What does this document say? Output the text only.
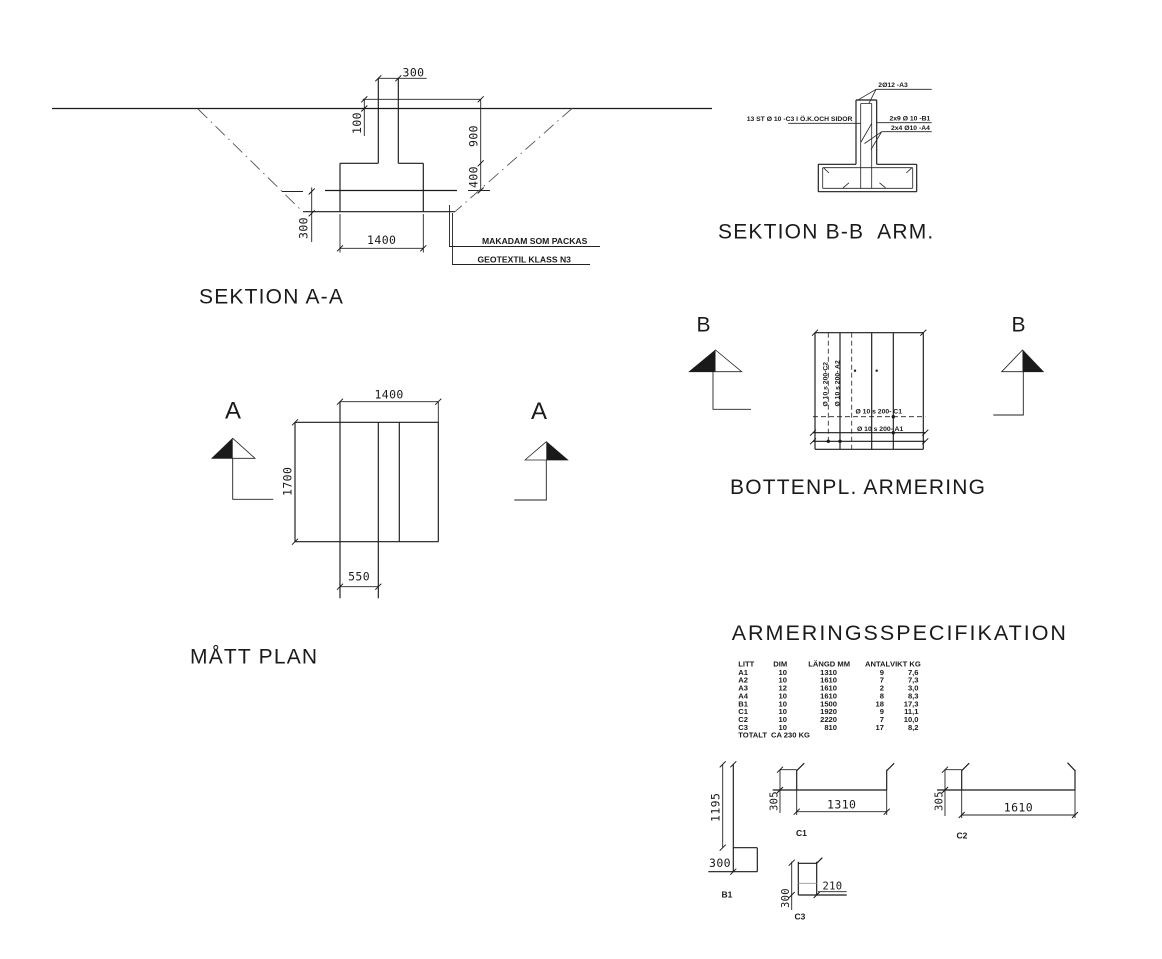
300
100
900
400
300
1400	MAKADAM SOM PACKAS
GEOTEXTIL KLASS N3
SEKTION A-A
2Ø12 -A3
13 ST Ø 10 -C3 I Ö.K.OCH SIDOR	2x9 Ø 10 -B1
2x4 Ø10 -A4
SEKTION B-B  ARM.
1400
1700
550
A	A
MÅTT PLAN
Ø 10 s 200-C2 Ø 10 s 200- A2
Ø 10 s 200- C1
Ø 10 s 200- A1
B	B
BOTTENPL. ARMERING
ARMERINGSSPECIFIKATION
LITT DIM	LÄNGD MM ANTAL VIKT KG
A1	10	1310	9	7,6
A2	10	1610	7	7,3
A3	12	1610	2	3,0
A4	10	1610	8	8,3
B1	10	1500	18	17,3
C1	10	1920	9	11,1
C2	10	2220	7	10,0
C3	10	810	17	8,2
TOTALT CA 230 KG
1195
300
B1
305	1310
C1
305	1610
C2
300
210
C3
